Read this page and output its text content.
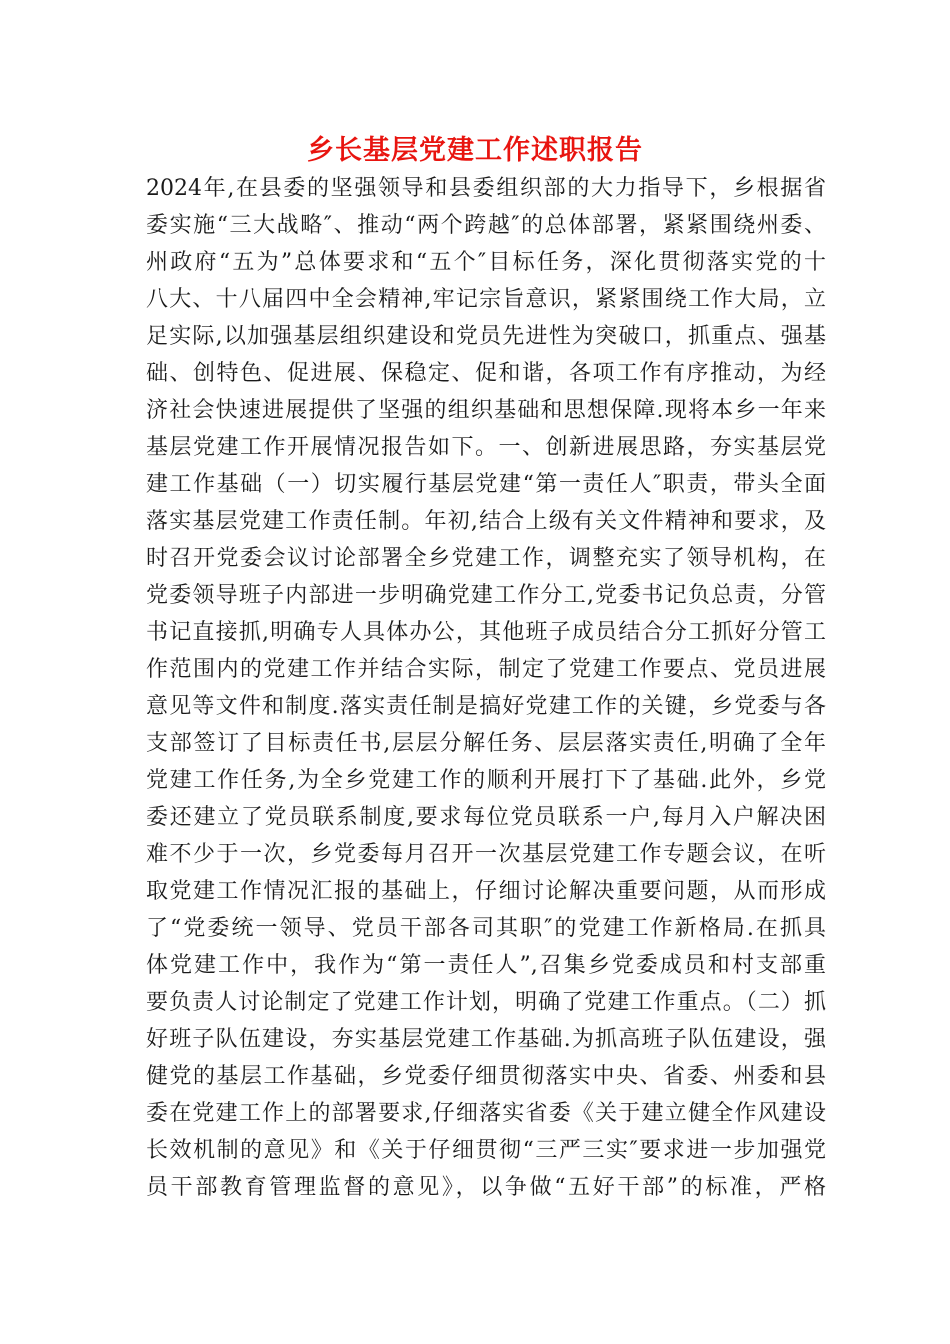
乡长基层党建工作述职报告
2024年,在县委的坚强领导和县委组织部的大力指导下，乡根据省
委实施“三大战略″、推动“两个跨越″的总体部署，紧紧围绕州委、
州政府“五为”总体要求和“五个″目标任务，深化贯彻落实党的十
八大、十八届四中全会精神,牢记宗旨意识，紧紧围绕工作大局，立
足实际,以加强基层组织建设和党员先进性为突破口，抓重点、强基
础、创特色、促进展、保稳定、促和谐，各项工作有序推动，为经
济社会快速进展提供了坚强的组织基础和思想保障.现将本乡一年来
基层党建工作开展情况报告如下。一、创新进展思路，夯实基层党
建工作基础（一）切实履行基层党建“第一责任人″职责，带头全面
落实基层党建工作责任制。年初,结合上级有关文件精神和要求，及
时召开党委会议讨论部署全乡党建工作，调整充实了领导机构，在
党委领导班子内部进一步明确党建工作分工,党委书记负总责，分管
书记直接抓,明确专人具体办公，其他班子成员结合分工抓好分管工
作范围内的党建工作并结合实际，制定了党建工作要点、党员进展
意见等文件和制度.落实责任制是搞好党建工作的关键，乡党委与各
支部签订了目标责任书,层层分解任务、层层落实责任,明确了全年
党建工作任务,为全乡党建工作的顺利开展打下了基础.此外，乡党
委还建立了党员联系制度,要求每位党员联系一户,每月入户解决困
难不少于一次，乡党委每月召开一次基层党建工作专题会议，在听
取党建工作情况汇报的基础上，仔细讨论解决重要问题，从而形成
了“党委统一领导、党员干部各司其职″的党建工作新格局.在抓具
体党建工作中，我作为“第一责任人”,召集乡党委成员和村支部重
要负责人讨论制定了党建工作计划，明确了党建工作重点。（二）抓
好班子队伍建设，夯实基层党建工作基础.为抓高班子队伍建设，强
健党的基层工作基础，乡党委仔细贯彻落实中央、省委、州委和县
委在党建工作上的部署要求,仔细落实省委《关于建立健全作风建设
长效机制的意见》和《关于仔细贯彻“三严三实″要求进一步加强党
员干部教育管理监督的意见》，以争做“五好干部”的标准，严格
